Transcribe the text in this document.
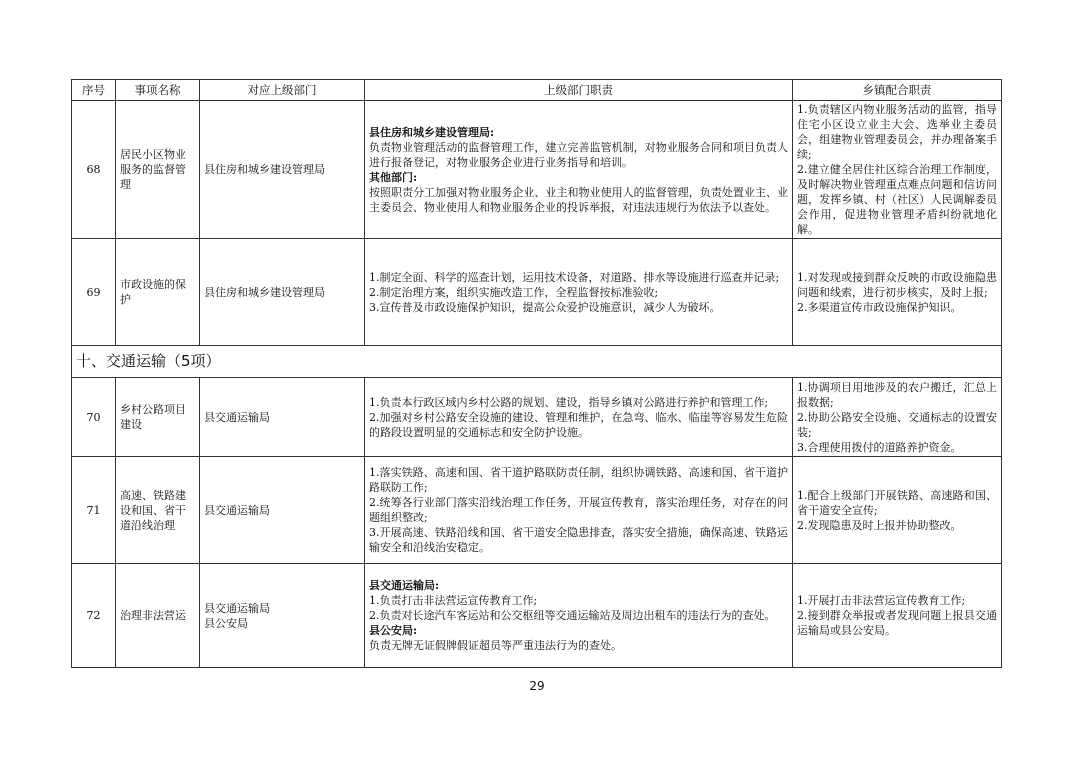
序号	事项名称	对应上级部门	上级部门职责	乡镇配合职责
68	居民小区物业服务的监督管理	县住房和城乡建设管理局	县住房和城乡建设管理局:
负责物业管理活动的监督管理工作，建立完善监管机制，对物业服务合同和项目负责人进行报备登记，对物业服务企业进行业务指导和培训。
其他部门:
按照职责分工加强对物业服务企业、业主和物业使用人的监督管理，负责处置业主、业主委员会、物业使用人和物业服务企业的投诉举报，对违法违规行为依法予以查处。	1.负责辖区内物业服务活动的监管，指导住宅小区设立业主大会、选举业主委员会，组建物业管理委员会，并办理备案手续;
2.建立健全居住社区综合治理工作制度，及时解决物业管理重点难点问题和信访问题，发挥乡镇、村（社区）人民调解委员会作用，促进物业管理矛盾纠纷就地化解。

69	市政设施的保护	县住房和城乡建设管理局	1.制定全面、科学的巡查计划，运用技术设备，对道路、排水等设施进行巡查并记录;
2.制定治理方案，组织实施改造工作，全程监督按标准验收;
3.宣传普及市政设施保护知识，提高公众爱护设施意识，减少人为破坏。	1.对发现或接到群众反映的市政设施隐患问题和线索，进行初步核实，及时上报;
2.多渠道宣传市政设施保护知识。

十、交通运输（5项）				
70	乡村公路项目建设	县交通运输局	1.负责本行政区域内乡村公路的规划、建设，指导乡镇对公路进行养护和管理工作;
2.加强对乡村公路安全设施的建设、管理和维护，在急弯、临水、临崖等容易发生危险的路段设置明显的交通标志和安全防护设施。	1.协调项目用地涉及的农户搬迁，汇总上报数据;
2.协助公路安全设施、交通标志的设置安装;
3.合理使用拨付的道路养护资金。

71	高速、铁路建设和国、省干道沿线治理	县交通运输局	1.落实铁路、高速和国、省干道护路联防责任制，组织协调铁路、高速和国、省干道护路联防工作;
2.统筹各行业部门落实沿线治理工作任务，开展宣传教育，落实治理任务，对存在的问题组织整改;
3.开展高速、铁路沿线和国、省干道安全隐患排查，落实安全措施，确保高速、铁路运输安全和沿线治安稳定。	1.配合上级部门开展铁路、高速路和国、省干道安全宣传;
2.发现隐患及时上报并协助整改。

72	治理非法营运	县交通运输局
县公安局	县交通运输局:
1.负责打击非法营运宣传教育工作;
2.负责对长途汽车客运站和公交枢纽等交通运输站及周边出租车的违法行为的查处。
县公安局:
负责无牌无证假牌假证超员等严重违法行为的查处。	1.开展打击非法营运宣传教育工作;
2.接到群众举报或者发现问题上报县交通运输局或县公安局。
29
